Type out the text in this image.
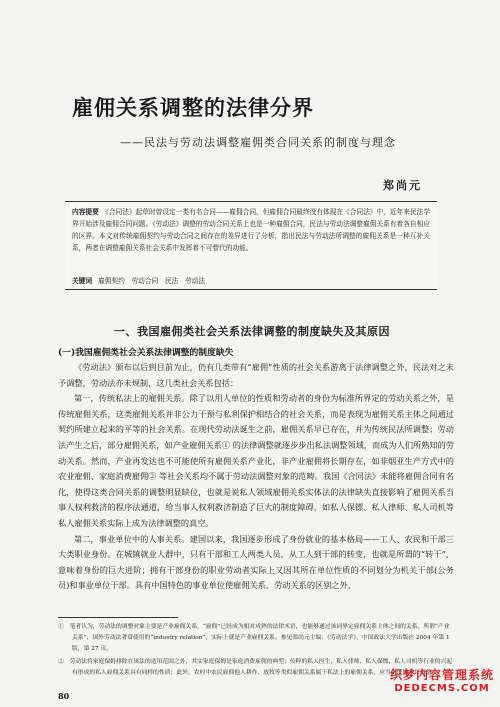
雇佣关系调整的法律分界
——民法与劳动法调整雇佣类合同关系的制度与理念
郑尚元

内容提要　 《合同法》起草时曾设定一类有名合同——雇佣合同，但雇佣合同最终没有体现在《合同法》中，近年来民法学界开始涉及雇佣合同问题。《劳动法》调整的劳动合同关系上也是一种雇佣合同，民法与劳动法调整雇佣关系有着各自相应的区界。本文对传统雇佣契约与劳动合同之间存在的差异进行了分析，指出民法与劳动法所调整的雇佣关系是一种互补关系，两者在调整雇佣关系社会关系中发挥着不可替代的功能。

关键词 雇佣契约　劳动合同　民法　劳动法
一、我国雇佣类社会关系法律调整的制度缺失及其原因
(一)我国雇佣类社会关系法律调整的制度缺失

《劳动法》颁布以后到目前为止，仍有几类带有“雇佣”性质的社会关系游离于法律调整之外，民法对之未予调整，劳动法亦未规制，这几类社会关系包括：

第一，传统私法上的雇佣关系。除了以用人单位的性质和劳动者的身份为标准所界定的劳动关系之外，是传统雇佣关系，这类雇佣关系并非公力干预与私利保护相结合的社会关系，而是表现为雇佣关系主体之间通过契约所建立起来的平等的社会关系。在现代劳动法诞生之前，雇佣关系早已存在，并为传统民法所调整；劳动法产生之后，部分雇佣关系，如产业雇佣关系① 的法律调整就逐步步出私法调整领域，而成为人们所熟知的劳动关系。然而，产业再发达也不可能使所有雇佣关系产业化，非产业雇佣将长期存在，如非烟亚生产方式中的农业雇佣、家庭消费雇佣② 等社会关系均不属于劳动法调整对象的范畴。我国《合同法》未能将雇佣合同有名化，使得这类合同关系的调整明显缺位，也就是说私人领域雇佣关系实体法的法律缺失直接影响了雇佣关系当事人权利救济的程序法通道，给当事人权利救济制造了巨大的制度障碍，如私人保镖、私人律师、私人司机等私人雇佣关系实际上成为法律调整的真空。

第二，事业单位中的人事关系。建国以来，我国逐步形成了身份就业的基本格局——工人、农民和干部三大类职业身份。在城镇就业人群中，只有干部和工人两类人员，从工人到干部的转变，也就是所谓的“转干”，意味着身份的巨大进阶；拥有干部身份的职业劳动者实际上又因其所在单位性质的不同划分为机关干部(公务员)和事业单位干部。具有中国特色的事业单位使雇佣关系、劳动关系的区别之外，

①　笔者认为，劳动法的调整对象主要是产业雇佣关系，“雇佣”已经成为相对成熟的法律术语，也能够通过该词界定雇佣关系主体之间的关系。所谓“产业关系”，国外劳动法著常使用的“industry relation”，实际上就是产业雇佣关系。参见郑尚元主编：《劳动法学》，中国政法大学出版社 2004 年第 1 版，第 27 页。

②　劳动法将家庭保姆排除在该法的适用范围之外，其实家庭保姆是家庭消费雇佣的典型；传粹的私人医生、私人律师、私人保镖、私人司机等行业的兴起有形成的私人雇佣关系具有同样的性质；此外，农村中农民雇佣他人耕作、放牧等类似雇佣关系属于私法上的雇佣关系，应当由民法予以调整。

80
织梦内容管理系统
DEDECMS.COM
